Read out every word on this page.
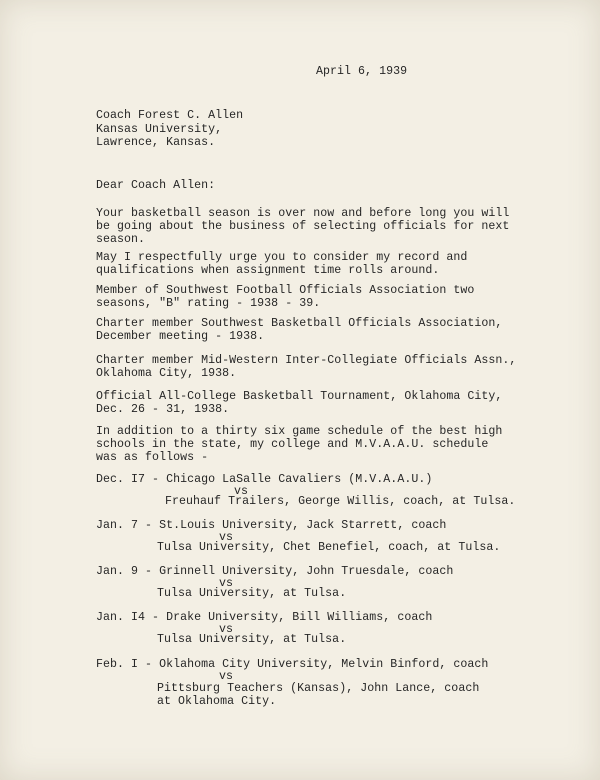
April 6, 1939

Coach Forest C. Allen

Kansas University,

Lawrence, Kansas.

Dear Coach Allen:

Your basketball season is over now and before long you will

be going about the business of selecting officials for next

season.

May I respectfully urge you to consider my record and

qualifications when assignment time rolls around.

Member of Southwest Football Officials Association two

seasons, "B" rating - 1938 - 39.

Charter member Southwest Basketball Officials Association,

December meeting - 1938.

Charter member Mid-Western Inter-Collegiate Officials Assn.,

Oklahoma City, 1938.

Official All-College Basketball Tournament, Oklahoma City,

Dec. 26 - 31, 1938.

In addition to a thirty six game schedule of the best high

schools in the state, my college and M.V.A.A.U. schedule

was as follows -

Dec. I7 - Chicago LaSalle Cavaliers (M.V.A.A.U.)

vs

Freuhauf Trailers, George Willis, coach, at Tulsa.

Jan. 7 - St.Louis University, Jack Starrett, coach

vs

Tulsa University, Chet Benefiel, coach, at Tulsa.

Jan. 9 - Grinnell University, John Truesdale, coach

vs

Tulsa University, at Tulsa.

Jan. I4 - Drake University, Bill Williams, coach

vs

Tulsa University, at Tulsa.

Feb. I - Oklahoma City University, Melvin Binford, coach

vs

Pittsburg Teachers (Kansas), John Lance, coach

at Oklahoma City.
